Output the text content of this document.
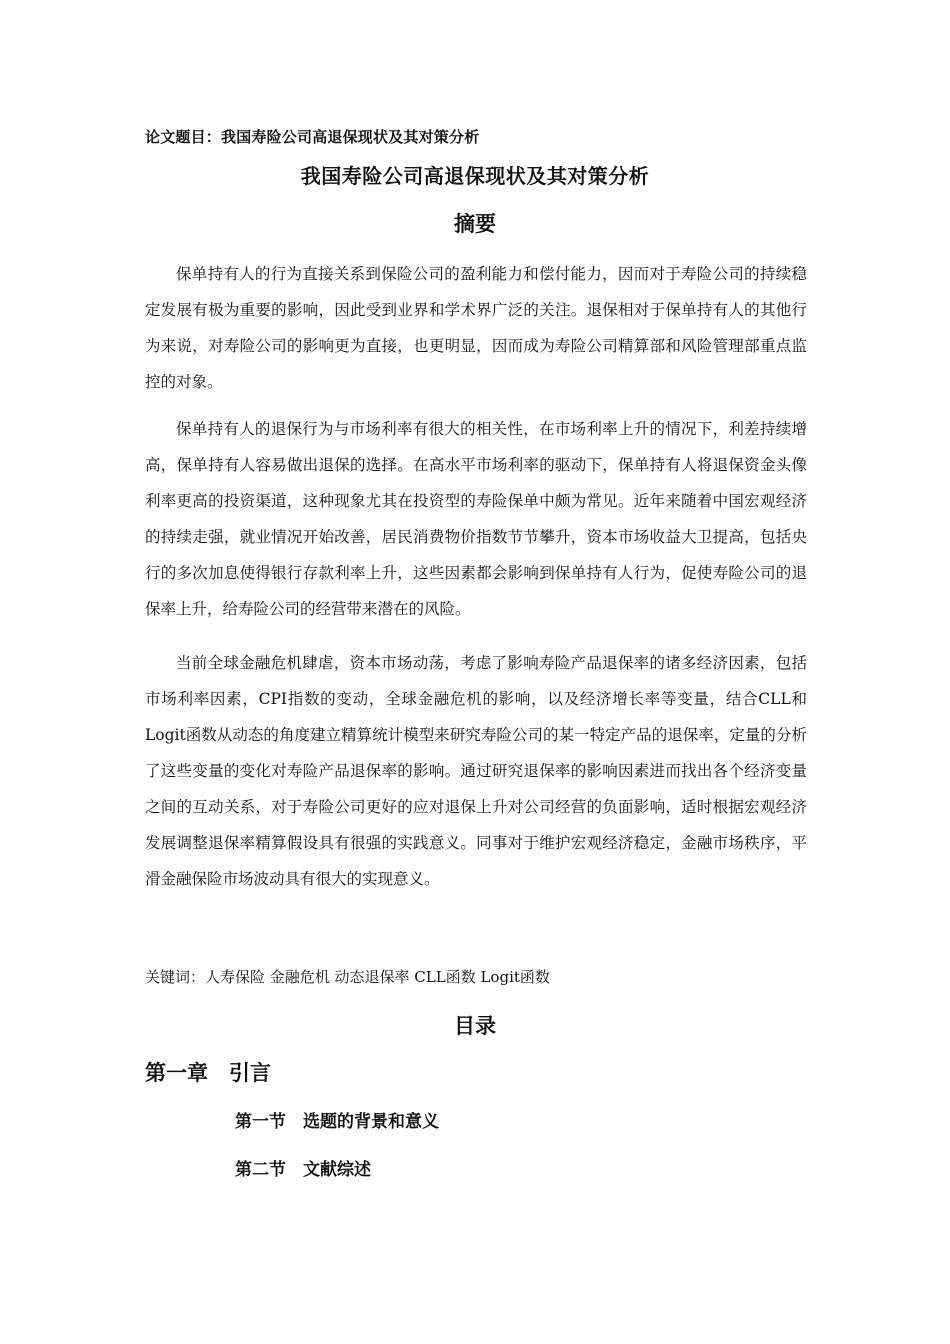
论文题目：我国寿险公司高退保现状及其对策分析
我国寿险公司高退保现状及其对策分析
摘要

保单持有人的行为直接关系到保险公司的盈利能力和偿付能力，因而对于寿险公司的持续稳定发展有极为重要的影响，因此受到业界和学术界广泛的关注。退保相对于保单持有人的其他行为来说，对寿险公司的影响更为直接，也更明显，因而成为寿险公司精算部和风险管理部重点监控的对象。

保单持有人的退保行为与市场利率有很大的相关性，在市场利率上升的情况下，利差持续增高，保单持有人容易做出退保的选择。在高水平市场利率的驱动下，保单持有人将退保资金头像利率更高的投资渠道，这种现象尤其在投资型的寿险保单中颇为常见。近年来随着中国宏观经济的持续走强，就业情况开始改善，居民消费物价指数节节攀升，资本市场收益大卫提高，包括央行的多次加息使得银行存款利率上升，这些因素都会影响到保单持有人行为，促使寿险公司的退保率上升，给寿险公司的经营带来潜在的风险。

当前全球金融危机肆虐，资本市场动荡，考虑了影响寿险产品退保率的诸多经济因素，包括市场利率因素，CPI指数的变动，全球金融危机的影响，以及经济增长率等变量，结合CLL和Logit函数从动态的角度建立精算统计模型来研究寿险公司的某一特定产品的退保率，定量的分析了这些变量的变化对寿险产品退保率的影响。通过研究退保率的影响因素进而找出各个经济变量之间的互动关系，对于寿险公司更好的应对退保上升对公司经营的负面影响，适时根据宏观经济发展调整退保率精算假设具有很强的实践意义。同事对于维护宏观经济稳定，金融市场秩序，平滑金融保险市场波动具有很大的实现意义。

关键词：人寿保险 金融危机 动态退保率 CLL函数 Logit函数
目录
第一章　引言
第一节　选题的背景和意义
第二节　文献综述
